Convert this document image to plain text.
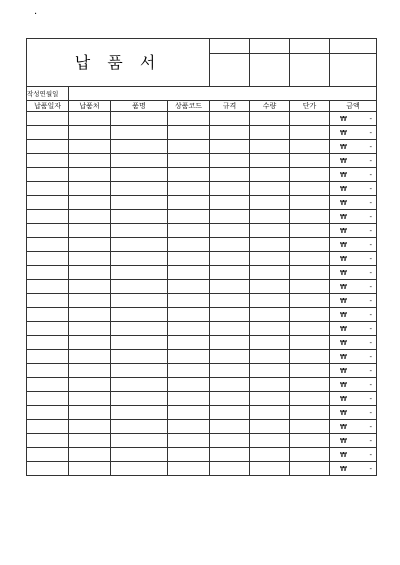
.
납 품 서							

작성연월일							
납품일자	납품처	품명	상품코드	규격	수량	단가	금액

							₩ -

							₩ -

							₩ -

							₩ -

							₩ -

							₩ -

							₩ -

							₩ -

							₩ -

							₩ -

							₩ -

							₩ -

							₩ -

							₩ -

							₩ -

							₩ -

							₩ -

							₩ -

							₩ -

							₩ -

							₩ -

							₩ -

							₩ -

							₩ -

							₩ -

							₩ -
